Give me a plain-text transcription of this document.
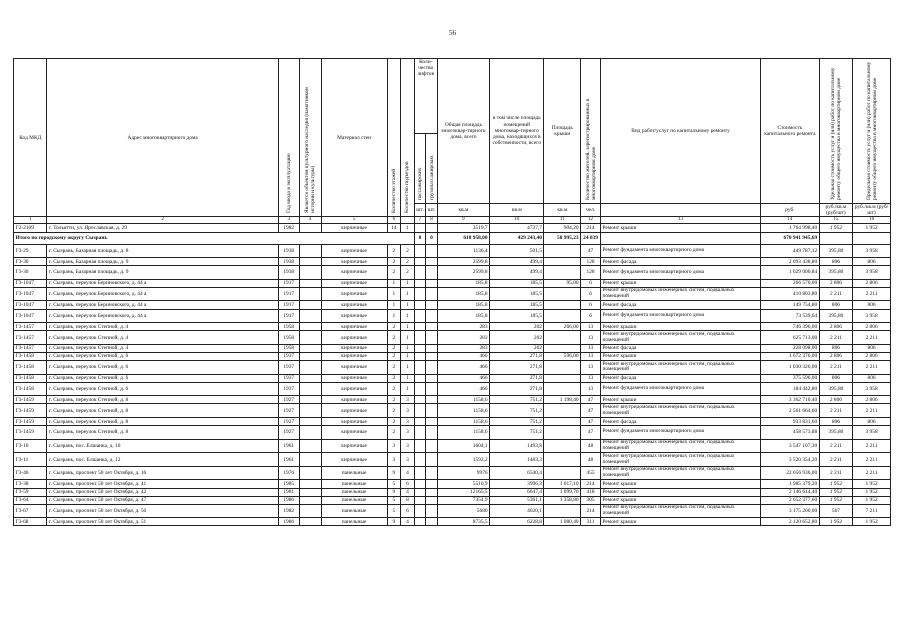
56
Код МКД	Адрес многоквартирного дома	Год ввода в эксплуатацию	Является объектом культурного наследия (памятником истории и культуры)	Материал стен	Количество этажей	Количество подъездов	Коли-чество лифтов		Общая площадь многоквар-тирного дома, всего	в том числе площадь помещений многоквар-тирного дома, находящихся в собственности, всего	Площадь крыши	Количество жителей, зарегистрированных в многоквартирном доме	Вид работ/услуг по капитальному ремонту	Стоимость капитального ремонта	Удельная стоимость услуг и (или) работ по капитальному ремонту общего имущества в многоквартирном доме	Предельная стоимость услуг и (или) работ по капитальному ремонту общего имущества в многоквартирном доме

							пассажирских	грузопассажирских								

							шт.	шт.	кв.м	кв.м	кв.м	чел.		руб.	руб./кв.м (руб/шт)	руб./кв.м (руб/шт)
1	2	3	4	5	6		7	8	9	10	11	12	13	14	15	16
Г2-2109	г. Тольятти, ул. Ярославская, д. 29	1982		кирпичные	14	1			3519,7	4737,7	904,20	214	Ремонт крыши	1 764 998,40	1 952	1 952
Итого по городскому округу Сызрань							0	0	618 958,00	429 243,40	58 995,23	24 039		670 941 945,69		
Г3-29	г. Сызрань, Базарная площадь, д. 8	1938		кирпичные	2	2			1136,4	501,5		47	Ремонт фундамента многоквартирного дома	449 787,12	395,80	3 958
Г3-30	г. Сызрань, Базарная площадь, д. 9	1938		кирпичные	2	2			2599,8	499,4		128	Ремонт фасада	2 093 438,80	806	806
Г3-30	г. Сызрань, Базарная площадь, д. 9	1938		кирпичные	2	2			2599,8	499,4		128	Ремонт фундамента многоквартирного дома	1 029 000,84	395,80	3 958
Г3-1047	г. Сызрань, переулок Бериновского, д. 44 а	1917		кирпичные	1	1			185,8	185,5	95,00	6	Ремонт крыши	266 570,00	2 806	2 806
Г3-1047	г. Сызрань, переулок Бериновского, д. 44 а	1917		кирпичные	1	1			185,8	185,5		6	Ремонт внутридомовых инженерных систем, подвальных помещений	410 803,80	2 211	2 211
Г3-1047	г. Сызрань, переулок Бериновского, д. 44 а	1917		кирпичные	1	1			185,8	185,5		6	Ремонт фасада	149 754,80	806	806
Г3-1047	г. Сызрань, переулок Бериновского, д. 44 а	1917		кирпичные	1	1			185,8	185,5		6	Ремонт фундамента многоквартирного дома	73 539,64	395,80	3 958
Г3-1457	г. Сызрань, переулок Степной, д. 4	1958		кирпичные	2	1			283	202	266,00	13	Ремонт крыши	746 396,00	2 806	2 806
Г3-1457	г. Сызрань, переулок Степной, д. 4	1958		кирпичные	2	1			283	202		13	Ремонт внутридомовых инженерных систем, подвальных помещений	625 713,00	2 211	2 211
Г3-1457	г. Сызрань, переулок Степной, д. 4	1958		кирпичные	2	1			283	202		13	Ремонт фасада	228 098,00	806	806
Г3-1458	г. Сызрань, переулок Степной, д. 6	1937		кирпичные	2	1			466	271,8	596,00	13	Ремонт крыши	1 672 376,00	2 806	2 806
Г3-1458	г. Сызрань, переулок Степной, д. 6	1937		кирпичные	2	1			466	271,8		13	Ремонт внутридомовых инженерных систем, подвальных помещений	1 030 326,00	2 211	2 211
Г3-1458	г. Сызрань, переулок Степной, д. 6	1937		кирпичные	2	1			466	271,8		13	Ремонт фасада	375 596,00	806	806
Г3-1458	г. Сызрань, переулок Степной, д. 6	1937		кирпичные	2	1			466	271,8		13	Ремонт фундамента многоквартирного дома	184 442,80	395,80	3 958
Г3-1459	г. Сызрань, переулок Степной, д. 8	1927		кирпичные	2	3			1158,6	751,2	1 198,40	47	Ремонт крыши	3 362 710,40	2 806	2 806
Г3-1459	г. Сызрань, переулок Степной, д. 8	1927		кирпичные	2	3			1158,6	751,2		47	Ремонт внутридомовых инженерных систем, подвальных помещений	2 561 664,60	2 211	2 211
Г3-1459	г. Сызрань, переулок Степной, д. 8	1927		кирпичные	2	3			1158,6	751,2		47	Ремонт фасада	933 831,60	806	806
Г3-1459	г. Сызрань, переулок Степной, д. 8	1927		кирпичные	2	3			1158,6	751,2		47	Ремонт фундамента многоквартирного дома	458 573,88	395,80	3 958
Г3-10	г. Сызрань, пос. Елшанка, д. 10	1961		кирпичные	3	3			1604,1	1493,8		48	Ремонт внутридомовых инженерных систем, подвальных помещений	3 547 107,30	2 211	2 211
Г3-11	г. Сызрань, пос. Елшанка, д. 12	1961		кирпичные	3	3			1592,2	1483,3		48	Ремонт внутридомовых инженерных систем, подвальных помещений	3 520 354,20	2 211	2 211
Г3-46	г. Сызрань, проспект 50 лет Октября, д. 16	1976		панельные	9	4			9976	6540,4		455	Ремонт внутридомовых инженерных систем, подвальных помещений	22 056 936,00	2 211	2 211
Г3-38	г. Сызрань, проспект 50 лет Октября, д. 41	1985		панельные	5	6			5510,9	3996,3	1 017,10	214	Ремонт крыши	1 985 379,20	1 952	1 952
Г3-59	г. Сызрань, проспект 50 лет Октября, д. 42	1981		панельные	9	4			12165,5	6647,4	1 099,70	418	Ремонт крыши	2 146 614,40	1 952	1 952
Г3-64	г. Сызрань, проспект 50 лет Октября, д. 47	1986		панельные	5	8			7354,9	5361,1	1 358,80	305	Ремонт крыши	2 652 377,60	1 952	1 952
Г3-67	г. Сызрань, проспект 50 лет Октября, д. 50	1982		панельные	5	6			5680	4020,1		214	Ремонт внутридомовых инженерных систем, подвальных помещений	3 175 200,00	567	7 211
Г3-68	г. Сызрань, проспект 50 лет Октября, д. 51	1986		панельные	9	4			8735,5	6228,8	1 080,40	311	Ремонт крыши	2 120 652,80	1 952	1 952
